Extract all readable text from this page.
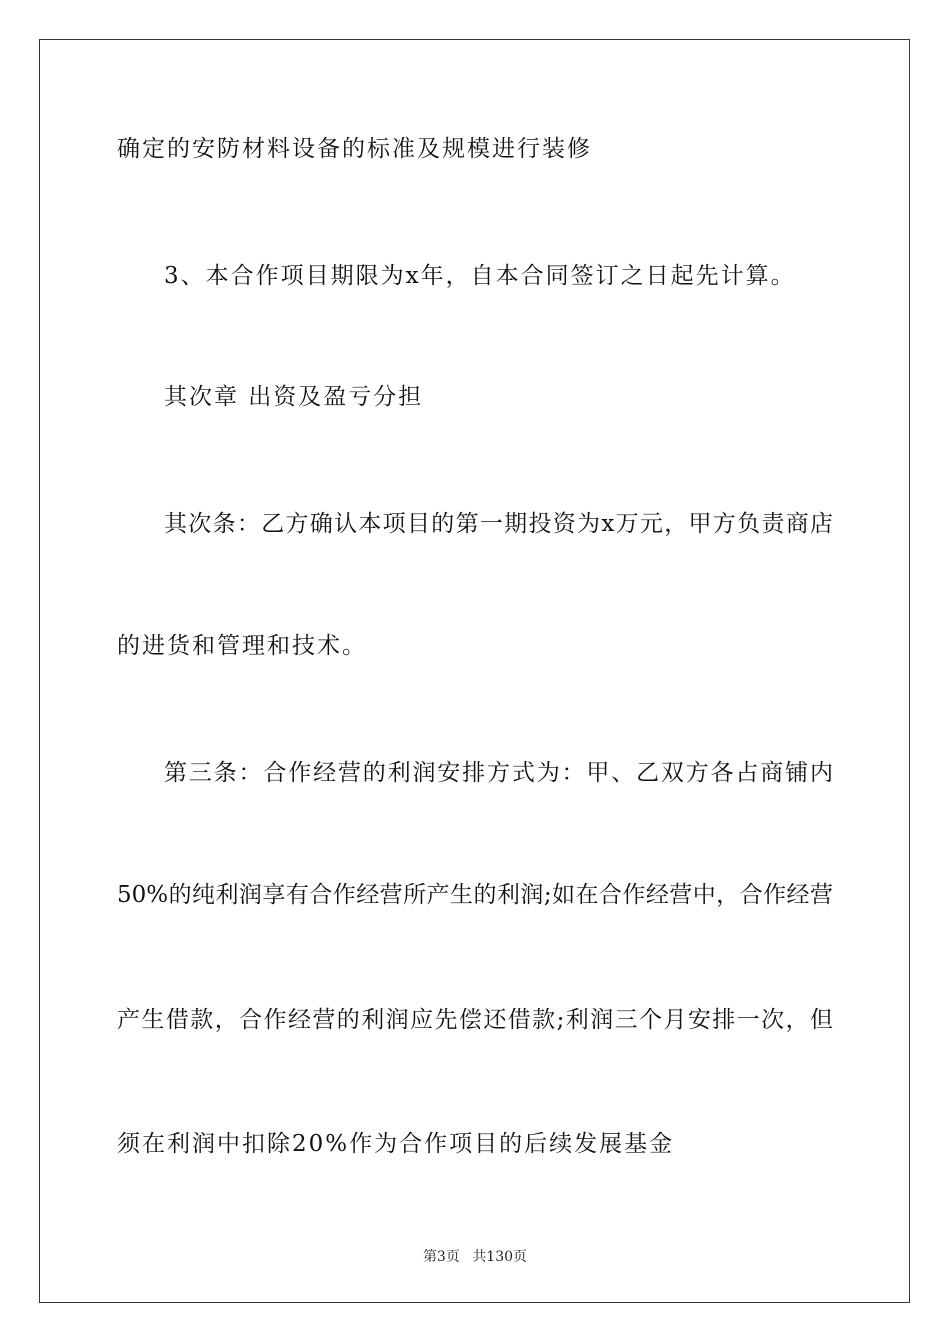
确定的安防材料设备的标准及规模进行装修
3、本合作项目期限为x年，自本合同签订之日起先计算。
其次章 出资及盈亏分担
其次条：乙方确认本项目的第一期投资为x万元，甲方负责商店
的进货和管理和技术。
第三条：合作经营的利润安排方式为：甲、乙双方各占商铺内
50%的纯利润享有合作经营所产生的利润;如在合作经营中，合作经营
产生借款，合作经营的利润应先偿还借款;利润三个月安排一次，但
须在利润中扣除20%作为合作项目的后续发展基金
第3页 共130页
